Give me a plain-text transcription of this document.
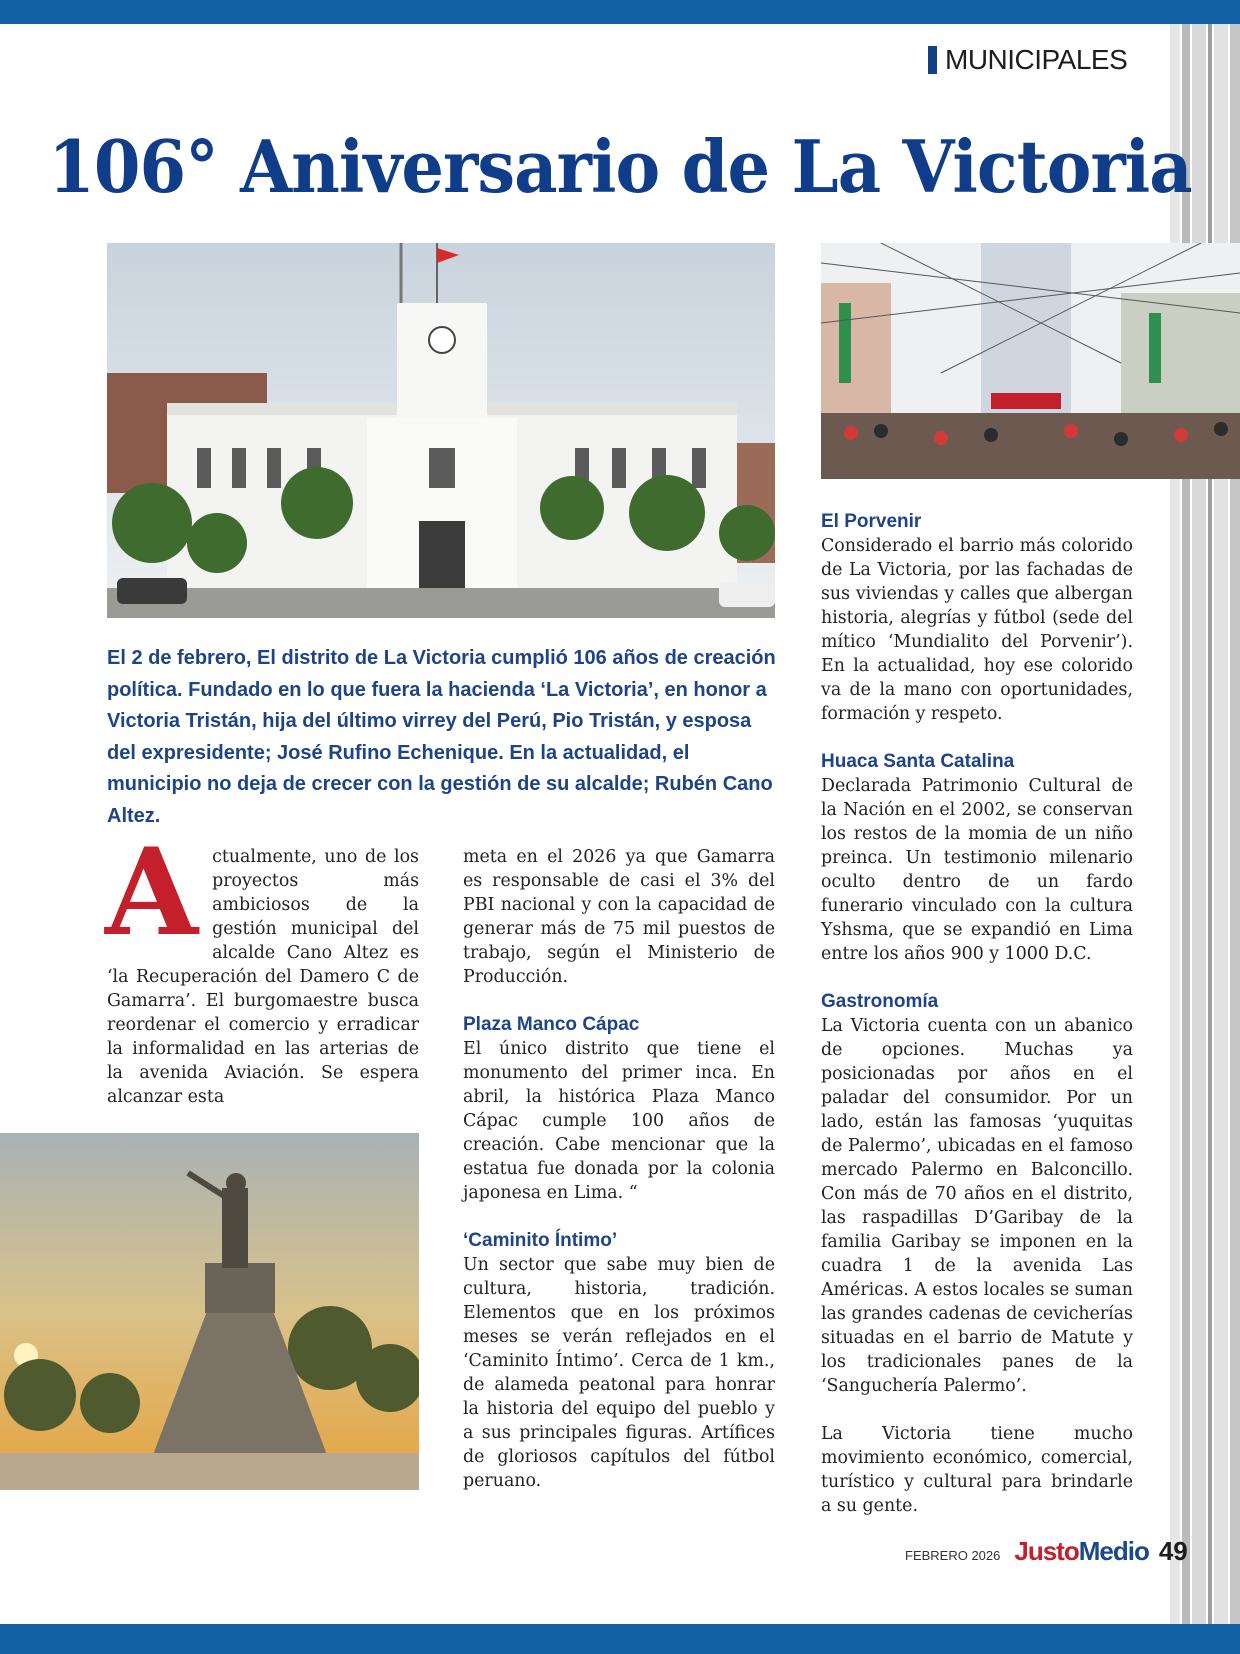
MUNICIPALES
106° Aniversario de La Victoria
El 2 de febrero, El distrito de La Victoria cumplió 106 años de creación política. Fundado en lo que fuera la hacienda ‘La Victoria’, en honor a Victoria Tristán, hija del último virrey del Perú, Pio Tristán, y esposa del expresidente; José Rufino Echenique. En la actualidad, el municipio no deja de crecer con la gestión de su alcalde; Rubén Cano Altez.
A ctualmente, uno de los proyectos más ambiciosos de la gestión municipal del alcalde Cano Altez es ‘la Recuperación del Damero C de Gamarra’. El burgomaestre busca reordenar el comercio y erradicar la informalidad en las arterias de la avenida Aviación. Se espera alcanzar esta

meta en el 2026 ya que Gamarra es responsable de casi el 3% del PBI nacional y con la capacidad de generar más de 75 mil puestos de trabajo, según el Ministerio de Producción.

Plaza Manco Cápac

El único distrito que tiene el monumento del primer inca. En abril, la histórica Plaza Manco Cápac cumple 100 años de creación. Cabe mencionar que la estatua fue donada por la colonia japonesa en Lima. “

‘Caminito Íntimo’

Un sector que sabe muy bien de cultura, historia, tradición. Elementos que en los próximos meses se verán reflejados en el ‘Caminito Íntimo’. Cerca de 1 km., de alameda peatonal para honrar la historia del equipo del pueblo y a sus principales figuras. Artífices de gloriosos capítulos del fútbol peruano.

El Porvenir

Considerado el barrio más colorido de La Victoria, por las fachadas de sus viviendas y calles que albergan historia, alegrías y fútbol (sede del mítico ‘Mundialito del Porvenir’). En la actualidad, hoy ese colorido va de la mano con oportunidades, formación y respeto.

Huaca Santa Catalina

Declarada Patrimonio Cultural de la Nación en el 2002, se conservan los restos de la momia de un niño preinca. Un testimonio milenario oculto dentro de un fardo funerario vinculado con la cultura Yshsma, que se expandió en Lima entre los años 900 y 1000 D.C.

Gastronomía

La Victoria cuenta con un abanico de opciones. Muchas ya posicionadas por años en el paladar del consumidor. Por un lado, están las famosas ‘yuquitas de Palermo’, ubicadas en el famoso mercado Palermo en Balconcillo. Con más de 70 años en el distrito, las raspadillas D’Garibay de la familia Garibay se imponen en la cuadra 1 de la avenida Las Américas. A estos locales se suman las grandes cadenas de cevicherías situadas en el barrio de Matute y los tradicionales panes de la ‘Sanguchería Palermo’.

La Victoria tiene mucho movimiento económico, comercial, turístico y cultural para brindarle a su gente.

FEBRERO 2026 JustoMedio 49
